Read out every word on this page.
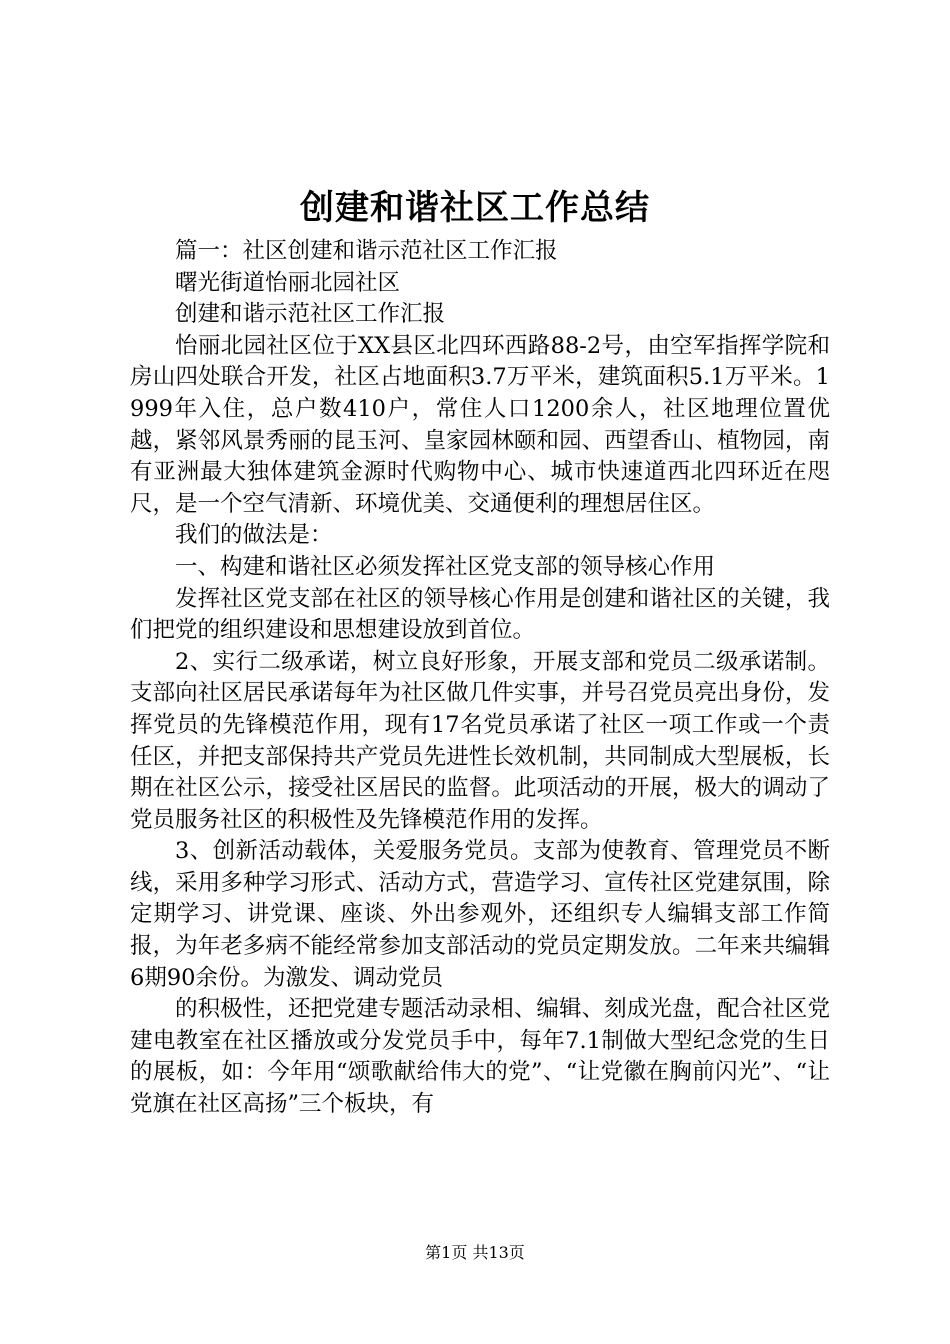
创建和谐社区工作总结

篇一：社区创建和谐示范社区工作汇报

曙光街道怡丽北园社区

创建和谐示范社区工作汇报

怡丽北园社区位于XX县区北四环西路88-2号，由空军指挥学院和房山四处联合开发，社区占地面积3.7万平米，建筑面积5.1万平米。1999年入住，总户数410户，常住人口1200余人，社区地理位置优越，紧邻风景秀丽的昆玉河、皇家园林颐和园、西望香山、植物园，南有亚洲最大独体建筑金源时代购物中心、城市快速道西北四环近在咫尺，是一个空气清新、环境优美、交通便利的理想居住区。

我们的做法是：

一、构建和谐社区必须发挥社区党支部的领导核心作用

发挥社区党支部在社区的领导核心作用是创建和谐社区的关键，我们把党的组织建设和思想建设放到首位。

2、实行二级承诺，树立良好形象，开展支部和党员二级承诺制。支部向社区居民承诺每年为社区做几件实事，并号召党员亮出身份，发挥党员的先锋模范作用，现有17名党员承诺了社区一项工作或一个责任区，并把支部保持共产党员先进性长效机制，共同制成大型展板，长期在社区公示，接受社区居民的监督。此项活动的开展，极大的调动了党员服务社区的积极性及先锋模范作用的发挥。

3、创新活动载体，关爱服务党员。支部为使教育、管理党员不断线，采用多种学习形式、活动方式，营造学习、宣传社区党建氛围，除定期学习、讲党课、座谈、外出参观外，还组织专人编辑支部工作简报，为年老多病不能经常参加支部活动的党员定期发放。二年来共编辑6期90余份。为激发、调动党员

的积极性，还把党建专题活动录相、编辑、刻成光盘，配合社区党建电教室在社区播放或分发党员手中，每年7.1制做大型纪念党的生日的展板，如：今年用“颂歌献给伟大的党”、“让党徽在胸前闪光”、“让党旗在社区高扬”三个板块，有

第1页 共13页
